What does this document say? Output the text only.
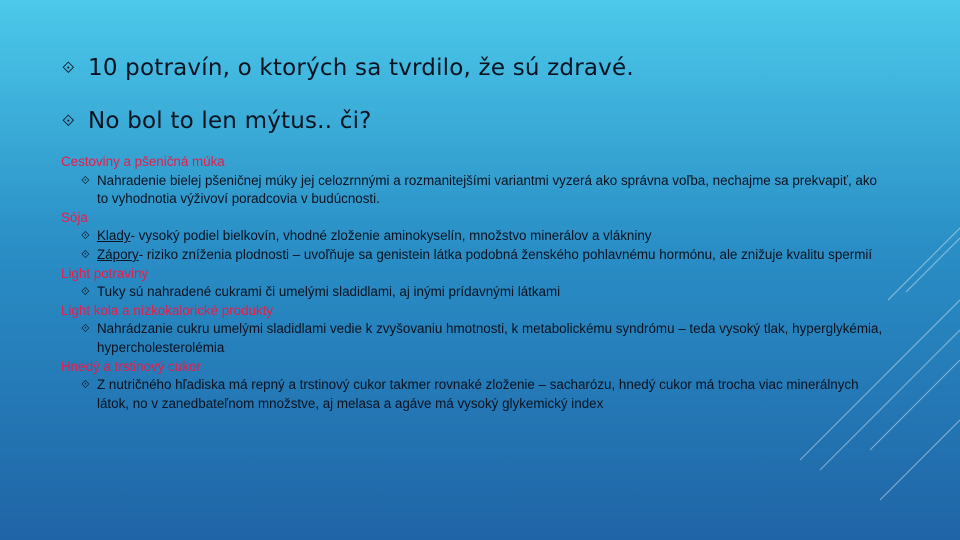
⟐ 10 potravín, o ktorých sa tvrdilo, že sú zdravé.
⟐ No bol to len mýtus.. či?
Cestoviny a pšeničná múka
⟐ Nahradenie bielej pšeničnej múky jej celozrnnými a rozmanitejšími variantmi vyzerá ako správna voľba, nechajme sa prekvapiť, ako to vyhodnotia výživoví poradcovia v budúcnosti.
Sója
⟐ Klady- vysoký podiel bielkovín, vhodné zloženie aminokyselín, množstvo minerálov a vlákniny
⟐ Zápory- riziko zníženia plodnosti – uvoľňuje sa genistein látka podobná ženského pohlavnému hormónu, ale znižuje kvalitu spermií
Light potraviny
⟐ Tuky sú nahradené cukrami či umelými sladidlami, aj inými prídavnými látkami
Light kola a nízkokalorické produkty
⟐ Nahrádzanie cukru umelými sladidlami vedie k zvyšovaniu hmotnosti, k metabolickému syndrómu – teda vysoký tlak, hyperglykémia, hypercholesterolémia
Hnedý a trstinový cukor
⟐ Z nutričného hľadiska má repný a trstinový cukor takmer rovnaké zloženie – sacharózu, hnedý cukor má trocha viac minerálnych látok, no v zanedbateľnom množstve, aj melasa a agáve má vysoký glykemický index
